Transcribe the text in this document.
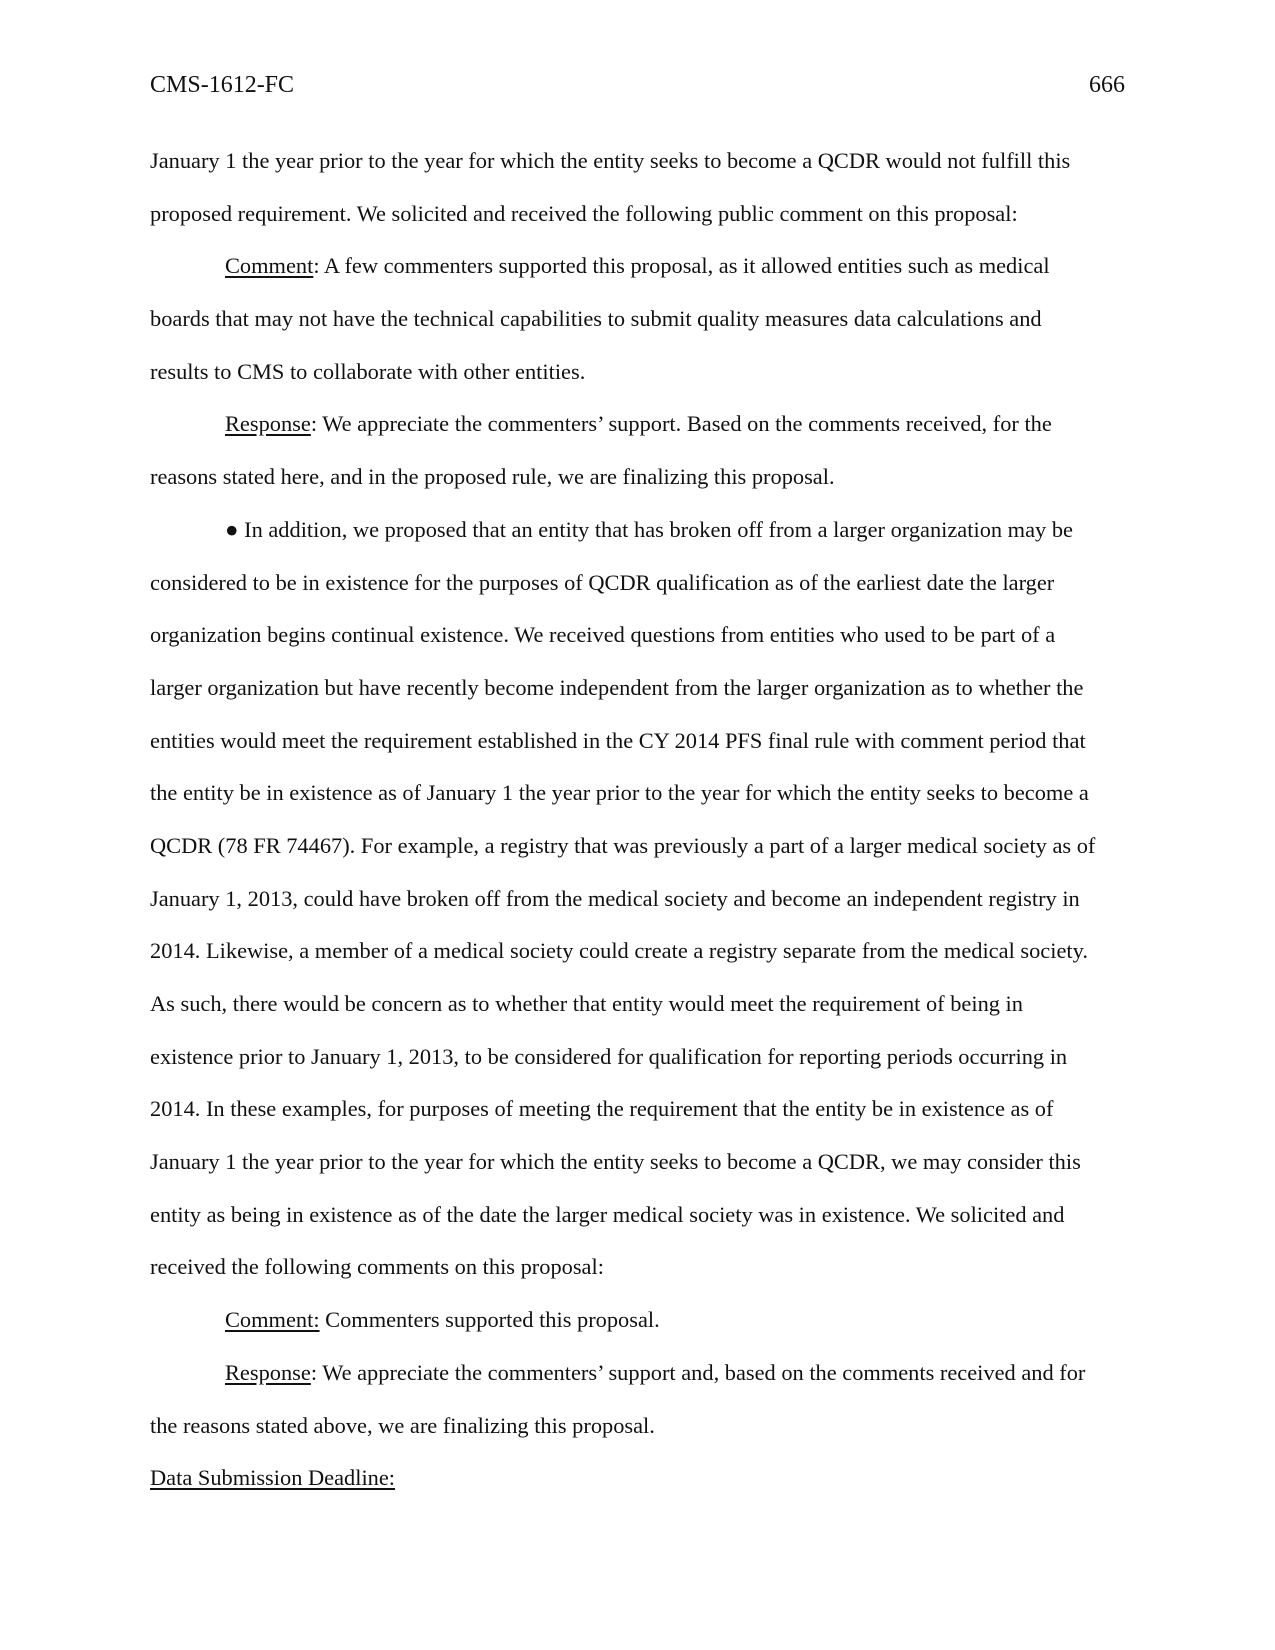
CMS-1612-FC	666
January 1 the year prior to the year for which the entity seeks to become a QCDR would not fulfill this
proposed requirement. We solicited and received the following public comment on this proposal:
Comment: A few commenters supported this proposal, as it allowed entities such as medical
boards that may not have the technical capabilities to submit quality measures data calculations and
results to CMS to collaborate with other entities.
Response: We appreciate the commenters’ support. Based on the comments received, for the
reasons stated here, and in the proposed rule, we are finalizing this proposal.
● In addition, we proposed that an entity that has broken off from a larger organization may be
considered to be in existence for the purposes of QCDR qualification as of the earliest date the larger
organization begins continual existence. We received questions from entities who used to be part of a
larger organization but have recently become independent from the larger organization as to whether the
entities would meet the requirement established in the CY 2014 PFS final rule with comment period that
the entity be in existence as of January 1 the year prior to the year for which the entity seeks to become a
QCDR (78 FR 74467). For example, a registry that was previously a part of a larger medical society as of
January 1, 2013, could have broken off from the medical society and become an independent registry in
2014. Likewise, a member of a medical society could create a registry separate from the medical society.
As such, there would be concern as to whether that entity would meet the requirement of being in
existence prior to January 1, 2013, to be considered for qualification for reporting periods occurring in
2014. In these examples, for purposes of meeting the requirement that the entity be in existence as of
January 1 the year prior to the year for which the entity seeks to become a QCDR, we may consider this
entity as being in existence as of the date the larger medical society was in existence. We solicited and
received the following comments on this proposal:
Comment: Commenters supported this proposal.
Response: We appreciate the commenters’ support and, based on the comments received and for
the reasons stated above, we are finalizing this proposal.
Data Submission Deadline:
